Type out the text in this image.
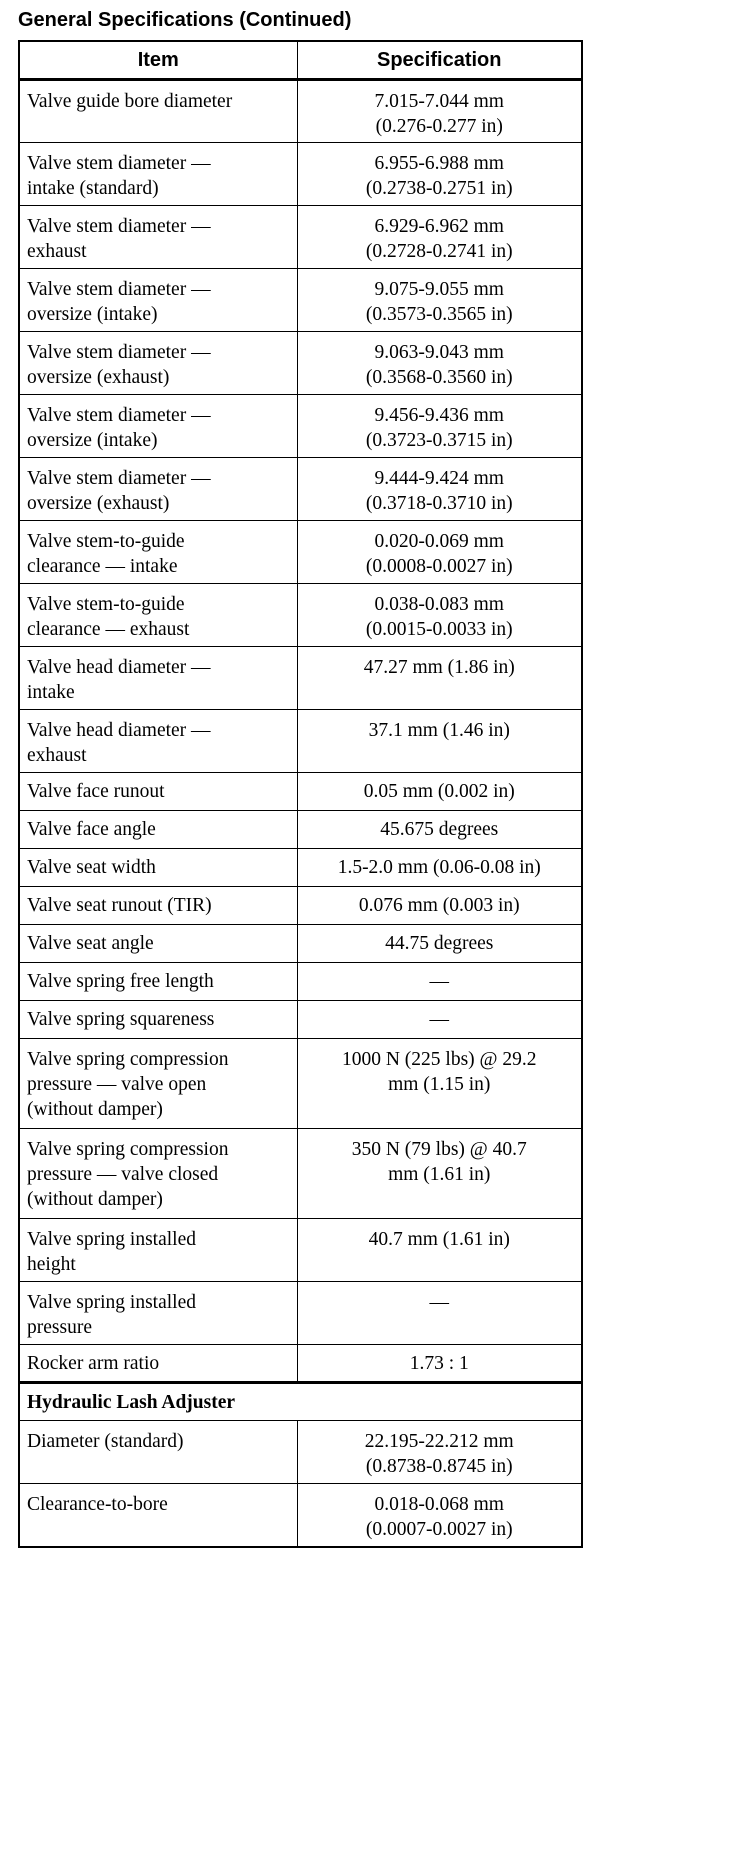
General Specifications (Continued)
Item	Specification

Valve guide bore diameter	7.015-7.044 mm
(0.276-0.277 in)

Valve stem diameter —
intake (standard)	6.955-6.988 mm
(0.2738-0.2751 in)

Valve stem diameter —
exhaust	6.929-6.962 mm
(0.2728-0.2741 in)

Valve stem diameter —
oversize (intake)	9.075-9.055 mm
(0.3573-0.3565 in)

Valve stem diameter —
oversize (exhaust)	9.063-9.043 mm
(0.3568-0.3560 in)

Valve stem diameter —
oversize (intake)	9.456-9.436 mm
(0.3723-0.3715 in)

Valve stem diameter —
oversize (exhaust)	9.444-9.424 mm
(0.3718-0.3710 in)

Valve stem-to-guide
clearance — intake	0.020-0.069 mm
(0.0008-0.0027 in)

Valve stem-to-guide
clearance — exhaust	0.038-0.083 mm
(0.0015-0.0033 in)

Valve head diameter —
intake	47.27 mm (1.86 in)

Valve head diameter —
exhaust	37.1 mm (1.46 in)

Valve face runout	0.05 mm (0.002 in)

Valve face angle	45.675 degrees

Valve seat width	1.5-2.0 mm (0.06-0.08 in)

Valve seat runout (TIR)	0.076 mm (0.003 in)

Valve seat angle	44.75 degrees

Valve spring free length	—

Valve spring squareness	—

Valve spring compression
pressure — valve open
(without damper)	1000 N (225 lbs) @ 29.2
mm (1.15 in)

Valve spring compression
pressure — valve closed
(without damper)	350 N (79 lbs) @ 40.7
mm (1.61 in)

Valve spring installed
height	40.7 mm (1.61 in)

Valve spring installed
pressure	—

Rocker arm ratio	1.73 : 1

Hydraulic Lash Adjuster	

Diameter (standard)	22.195-22.212 mm
(0.8738-0.8745 in)

Clearance-to-bore	0.018-0.068 mm
(0.0007-0.0027 in)
